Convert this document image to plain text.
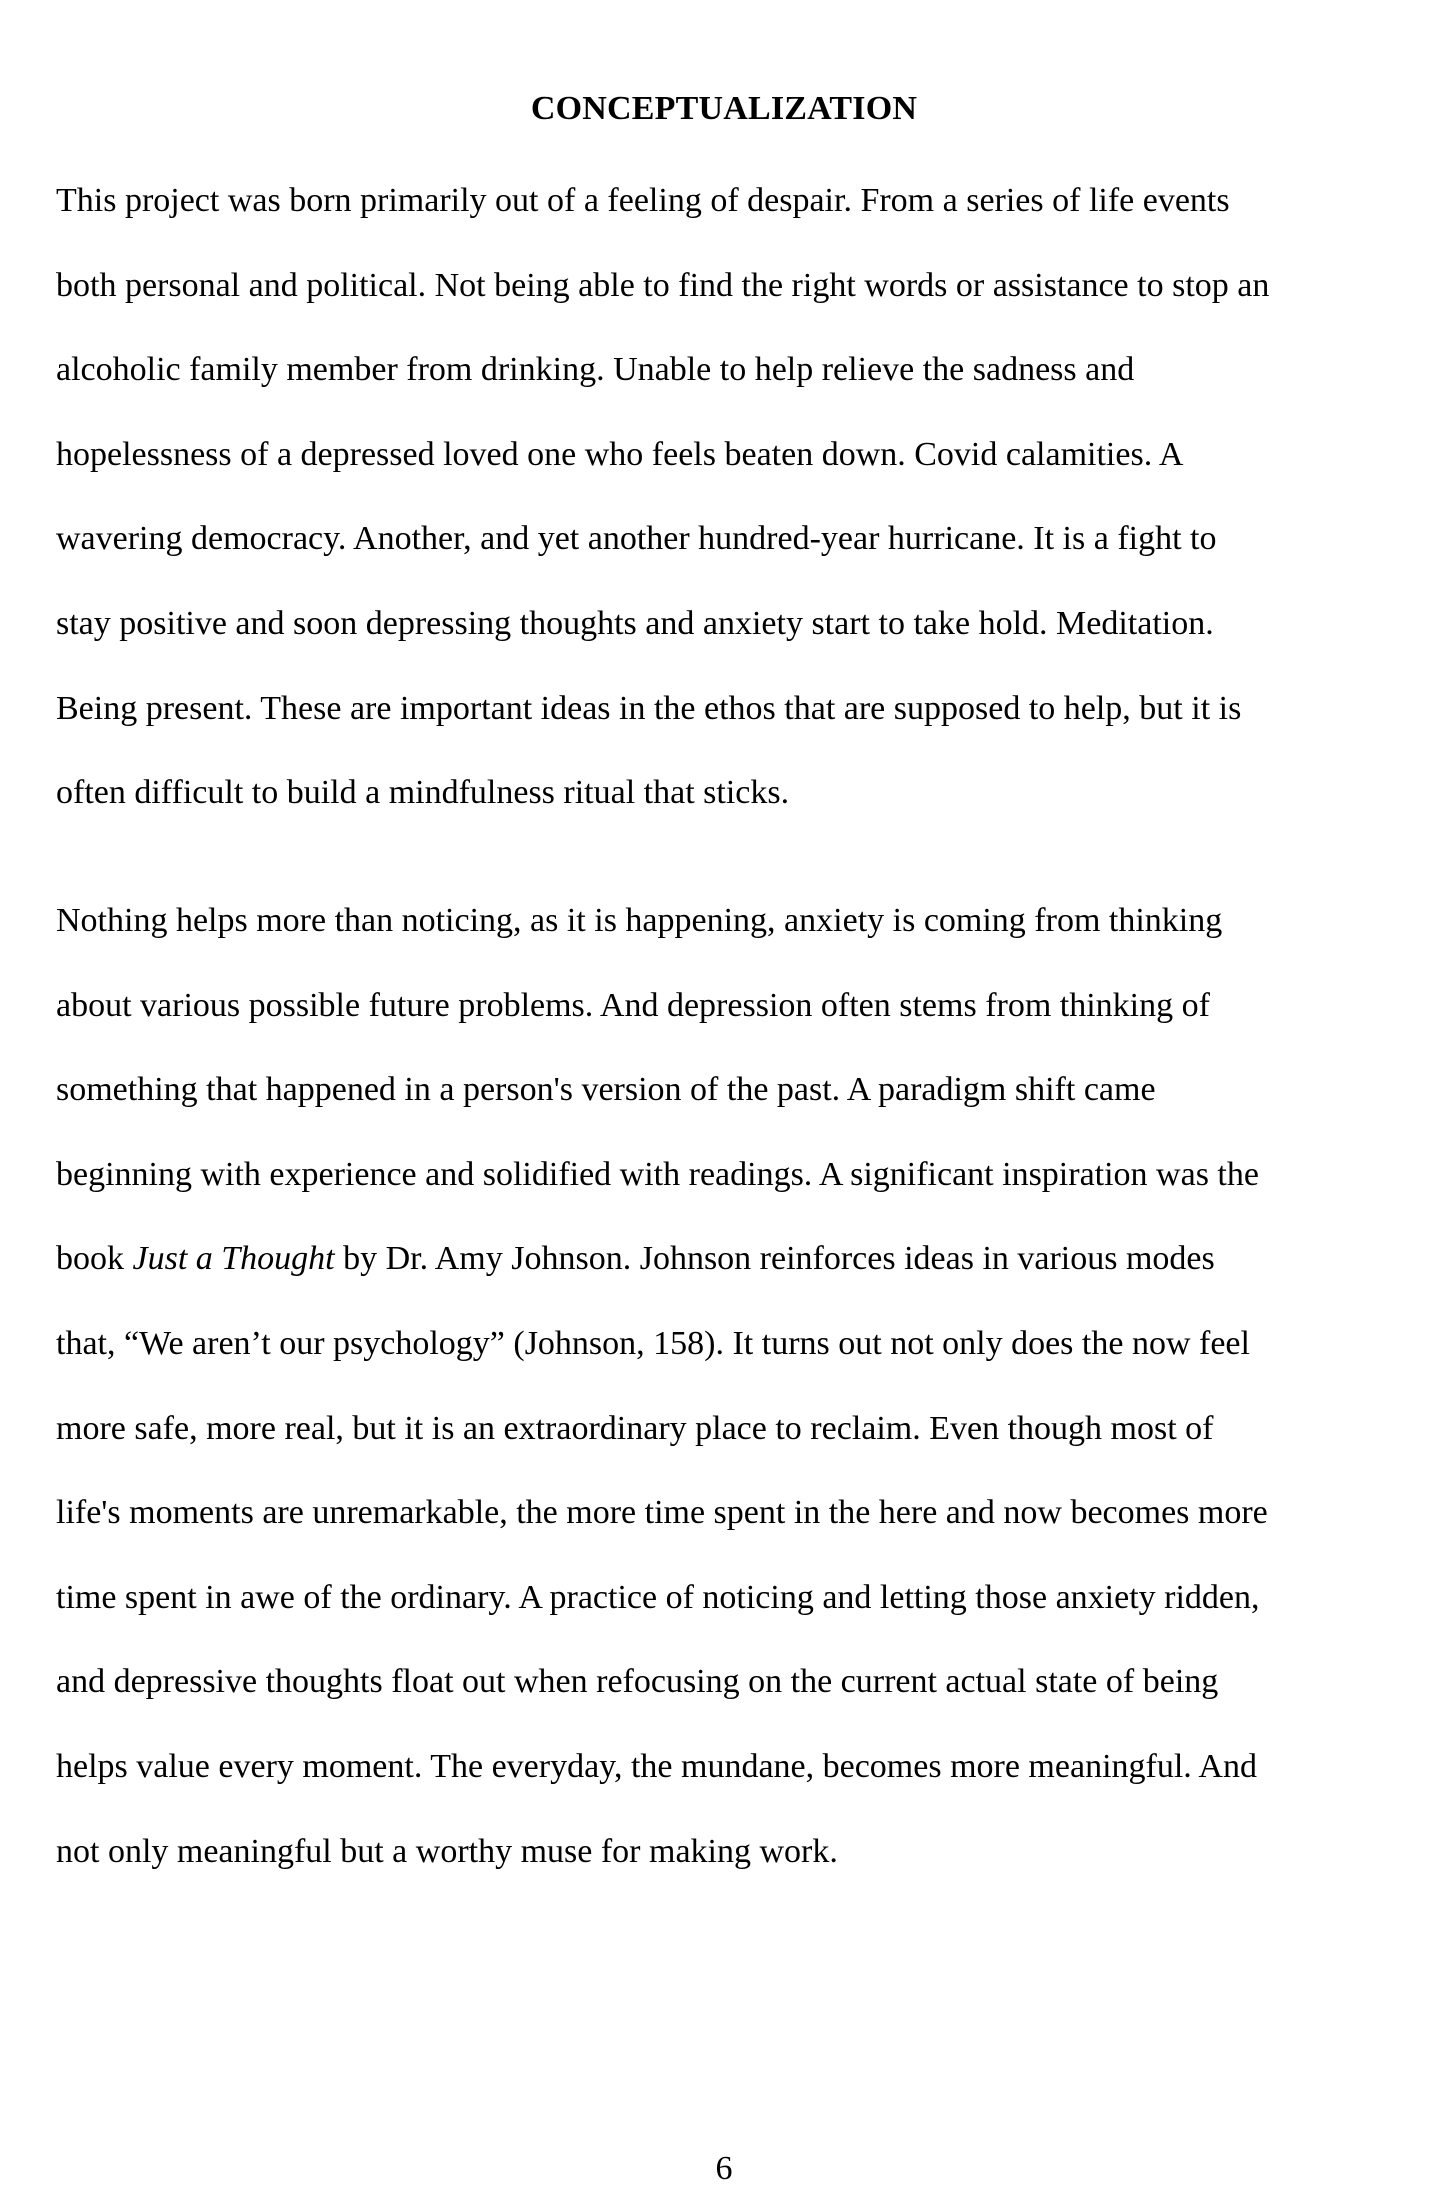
CONCEPTUALIZATION
This project was born primarily out of a feeling of despair. From a series of life events
both personal and political. Not being able to find the right words or assistance to stop an
alcoholic family member from drinking. Unable to help relieve the sadness and
hopelessness of a depressed loved one who feels beaten down. Covid calamities. A
wavering democracy. Another, and yet another hundred-year hurricane. It is a fight to
stay positive and soon depressing thoughts and anxiety start to take hold. Meditation.
Being present. These are important ideas in the ethos that are supposed to help, but it is
often difficult to build a mindfulness ritual that sticks.
Nothing helps more than noticing, as it is happening, anxiety is coming from thinking
about various possible future problems. And depression often stems from thinking of
something that happened in a person's version of the past. A paradigm shift came
beginning with experience and solidified with readings. A significant inspiration was the
book Just a Thought by Dr. Amy Johnson. Johnson reinforces ideas in various modes
that, “We aren’t our psychology” (Johnson, 158). It turns out not only does the now feel
more safe, more real, but it is an extraordinary place to reclaim. Even though most of
life's moments are unremarkable, the more time spent in the here and now becomes more
time spent in awe of the ordinary. A practice of noticing and letting those anxiety ridden,
and depressive thoughts float out when refocusing on the current actual state of being
helps value every moment. The everyday, the mundane, becomes more meaningful. And
not only meaningful but a worthy muse for making work.

6
